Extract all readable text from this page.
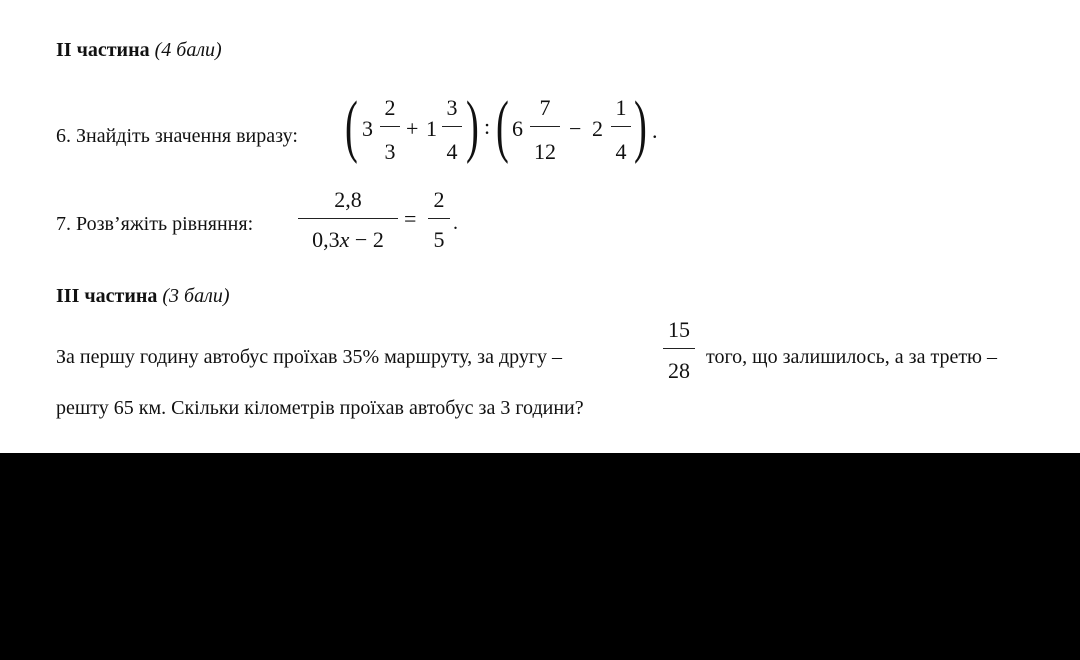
II частина (4 бали)
6. Знайдіть значення виразу: ( 3
2
3
+ 1
3
4 ) : ( 6
7
12
− 2
1
4 ) .
7. Розв’яжіть рівняння:
2,8
0,3x − 2
=
2
5
.
III частина (3 бали)
За першу годину автобус проїхав 35% маршруту, за другу –
15
28
того, що залишилось, а за третю –
решту 65 км. Скільки кілометрів проїхав автобус за 3 години?
